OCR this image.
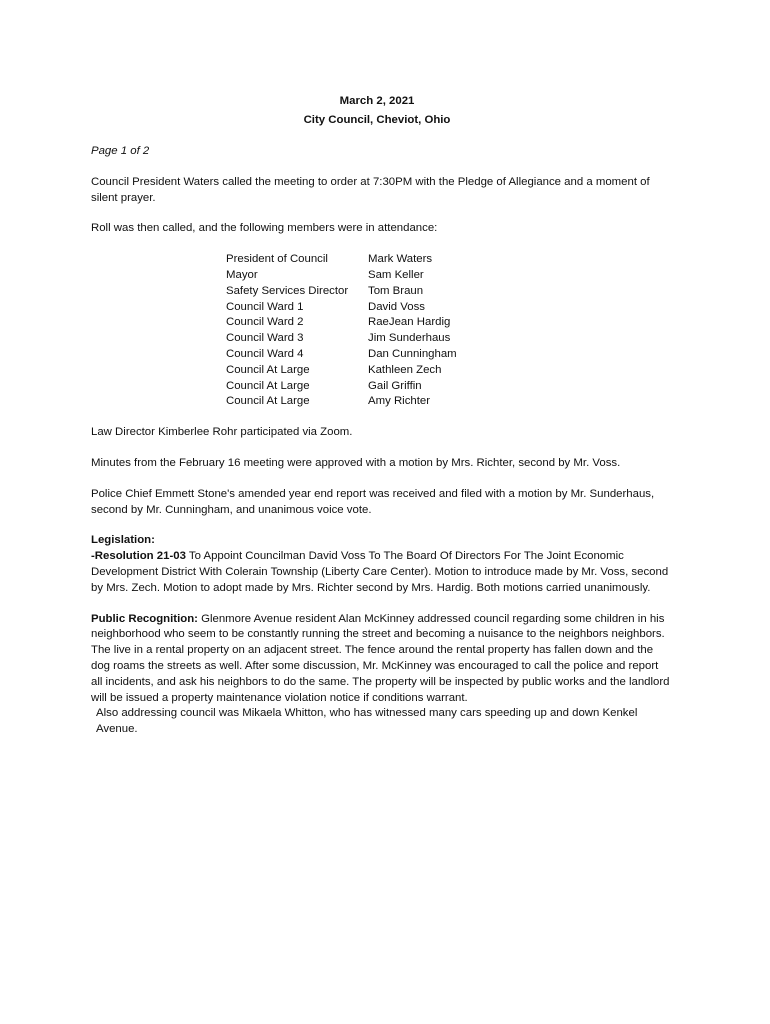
March 2, 2021
City Council, Cheviot, Ohio

Page 1 of 2

Council President Waters called the meeting to order at 7:30PM with the Pledge of Allegiance and a moment of silent prayer.

Roll was then called, and the following members were in attendance:

President of Council	Mark Waters
Mayor	Sam Keller
Safety Services Director	Tom Braun
Council Ward 1	David Voss
Council Ward 2	RaeJean Hardig
Council Ward 3	Jim Sunderhaus
Council Ward 4	Dan Cunningham
Council At Large	Kathleen Zech
Council At Large	Gail Griffin
Council At Large	Amy Richter

Law Director Kimberlee Rohr participated via Zoom.

Minutes from the February 16 meeting were approved with a motion by Mrs. Richter, second by Mr. Voss.

Police Chief Emmett Stone's amended year end report was received and filed with a motion by Mr. Sunderhaus, second by Mr. Cunningham, and unanimous voice vote.

Legislation:

-Resolution 21-03 To Appoint Councilman David Voss To The Board Of Directors For The Joint Economic Development District With Colerain Township (Liberty Care Center). Motion to introduce made by Mr. Voss, second by Mrs. Zech. Motion to adopt made by Mrs. Richter second by Mrs. Hardig. Both motions carried unanimously.

Public Recognition: Glenmore Avenue resident Alan McKinney addressed council regarding some children in his neighborhood who seem to be constantly running the street and becoming a nuisance to the neighbors neighbors. The live in a rental property on an adjacent street. The fence around the rental property has fallen down and the dog roams the streets as well. After some discussion, Mr. McKinney was encouraged to call the police and report all incidents, and ask his neighbors to do the same. The property will be inspected by public works and the landlord will be issued a property maintenance violation notice if conditions warrant.

Also addressing council was Mikaela Whitton, who has witnessed many cars speeding up and down Kenkel Avenue.
